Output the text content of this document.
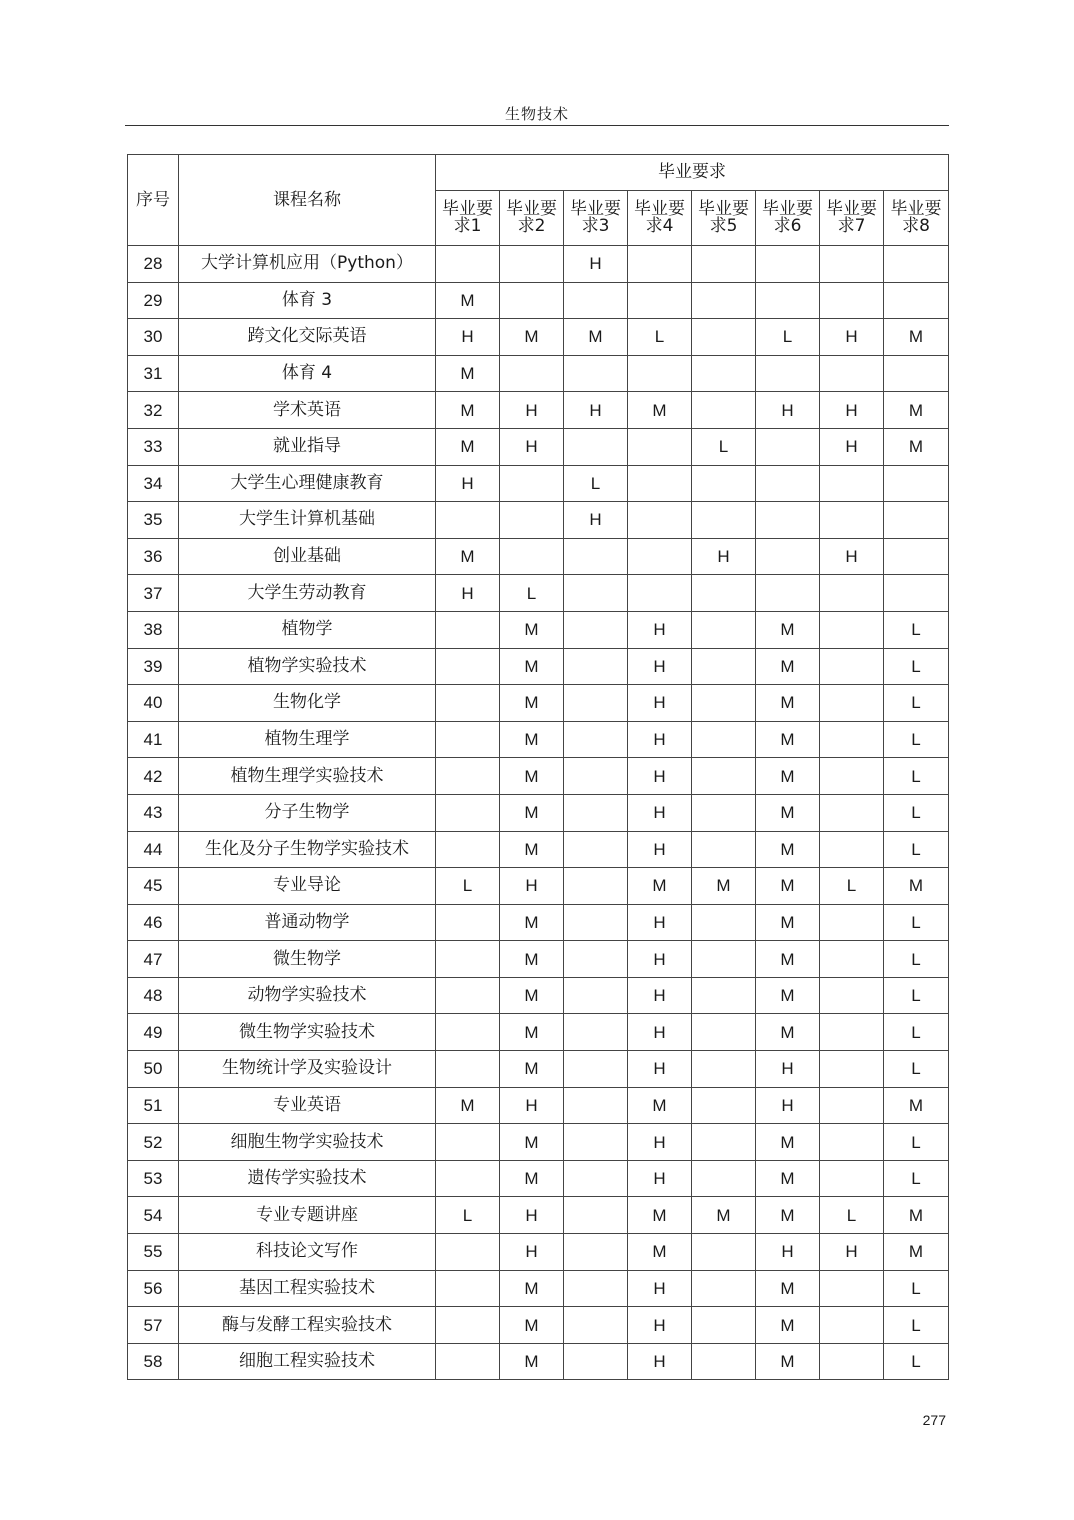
生物技术
序号	课程名称	毕业要求							
		毕业要求1	毕业要求2	毕业要求3	毕业要求4	毕业要求5	毕业要求6	毕业要求7	毕业要求8
28	大学计算机应用（Python）			H					
29	体育 3	M							
30	跨文化交际英语	H	M	M	L		L	H	M
31	体育 4	M							
32	学术英语	M	H	H	M		H	H	M
33	就业指导	M	H			L		H	M
34	大学生心理健康教育	H		L					
35	大学生计算机基础			H					
36	创业基础	M				H		H	
37	大学生劳动教育	H	L						
38	植物学		M		H		M		L
39	植物学实验技术		M		H		M		L
40	生物化学		M		H		M		L
41	植物生理学		M		H		M		L
42	植物生理学实验技术		M		H		M		L
43	分子生物学		M		H		M		L
44	生化及分子生物学实验技术		M		H		M		L
45	专业导论	L	H		M	M	M	L	M
46	普通动物学		M		H		M		L
47	微生物学		M		H		M		L
48	动物学实验技术		M		H		M		L
49	微生物学实验技术		M		H		M		L
50	生物统计学及实验设计		M		H		H		L
51	专业英语	M	H		M		H		M
52	细胞生物学实验技术		M		H		M		L
53	遗传学实验技术		M		H		M		L
54	专业专题讲座	L	H		M	M	M	L	M
55	科技论文写作		H		M		H	H	M
56	基因工程实验技术		M		H		M		L
57	酶与发酵工程实验技术		M		H		M		L
58	细胞工程实验技术		M		H		M		L
277
